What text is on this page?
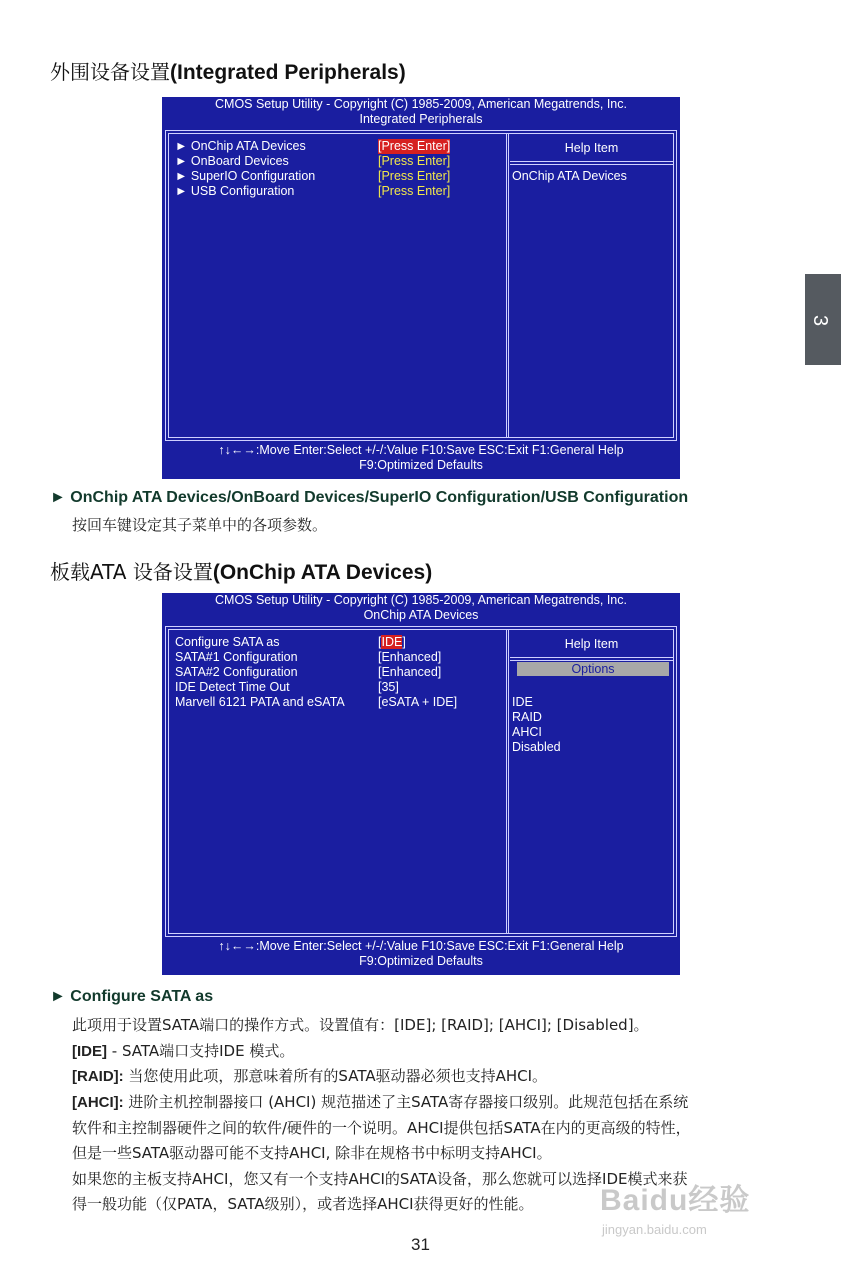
外围设备设置(Integrated Peripherals)
CMOS Setup Utility - Copyright (C) 1985-2009, American Megatrends, Inc.
Integrated Peripherals
Help Item
► OnChip ATA Devices	[Press Enter]
► OnBoard Devices	[Press Enter]
► SuperIO Configuration	[Press Enter]
► USB Configuration	[Press Enter]
OnChip ATA Devices
↑↓←→:Move Enter:Select +/-/:Value F10:Save ESC:Exit F1:General Help
F9:Optimized Defaults
► OnChip ATA Devices/OnBoard Devices/SuperIO Configuration/USB Configuration
按回车键设定其子菜单中的各项参数。
板载ATA 设备设置(OnChip ATA Devices)
CMOS Setup Utility - Copyright (C) 1985-2009, American Megatrends, Inc.
OnChip ATA Devices
Help Item
Configure SATA as	[IDE]
SATA#1 Configuration	[Enhanced]
SATA#2 Configuration	[Enhanced]
IDE Detect Time Out	[35]
Marvell 6121 PATA and eSATA	[eSATA + IDE]
Options
IDE
RAID
AHCI
Disabled
↑↓←→:Move Enter:Select +/-/:Value F10:Save ESC:Exit F1:General Help
F9:Optimized Defaults
► Configure SATA as
此项用于设置SATA端口的操作方式。设置值有：[IDE]; [RAID]; [AHCI]; [Disabled]。
[IDE] - SATA端口支持IDE 模式。
[RAID]: 当您使用此项，那意味着所有的SATA驱动器必须也支持AHCI。
[AHCI]: 进阶主机控制器接口 (AHCI) 规范描述了主SATA寄存器接口级别。此规范包括在系统
软件和主控制器硬件之间的软件/硬件的一个说明。AHCI提供包括SATA在内的更高级的特性，
但是一些SATA驱动器可能不支持AHCI, 除非在规格书中标明支持AHCI。
如果您的主板支持AHCI，您又有一个支持AHCI的SATA设备，那么您就可以选择IDE模式来获
得一般功能（仅PATA，SATA级别），或者选择AHCI获得更好的性能。
3
Baidu经验
jingyan.baidu.com
31
